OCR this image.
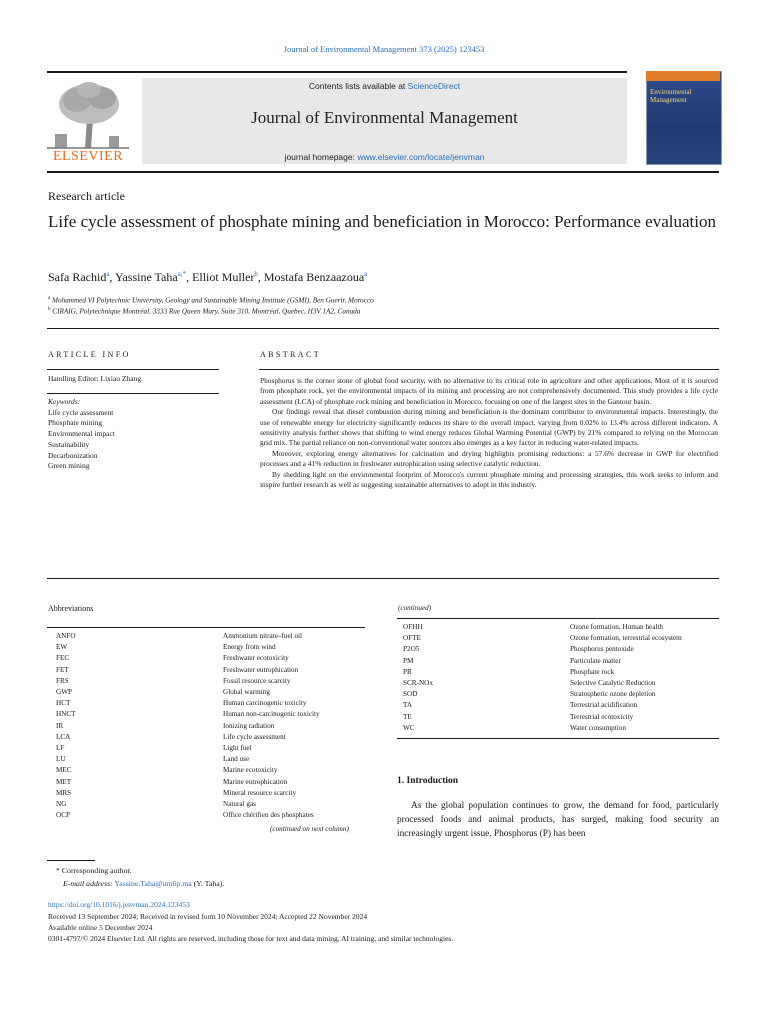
Journal of Environmental Management 373 (2025) 123453
ELSEVIER
Contents lists available at ScienceDirect
Journal of Environmental Management
journal homepage: www.elsevier.com/locate/jenvman
Environmental Management
Research article
Life cycle assessment of phosphate mining and beneficiation in Morocco: Performance evaluation
Safa Rachid$^a$, Yassine Taha$^{a,*}$, Elliot Muller$^b$, Mostafa Benzaazoua$^a$
$^a$ Mohammed VI Polytechnic University, Geology and Sustainable Mining Institute (GSMI), Ben Guerir, Morocco
$^b$ CIRAIG, Polytechnique Montréal, 3333 Rue Queen Mary, Suite 310, Montréal, Quebec, H3V 1A2, Canada
ARTICLE INFO
Handling Editor: Lixiao Zhang
Keywords:
Life cycle assessment
Phosphate mining
Environmental impact
Sustainability
Decarbonization
Green mining
ABSTRACT

Phosphorus is the corner stone of global food security, with no alternative to its critical role in agriculture and other applications. Most of it is sourced from phosphate rock, yet the environmental impacts of its mining and processing are not comprehensively documented. This study provides a life cycle assessment (LCA) of phosphate rock mining and beneficiation in Morocco, focusing on one of the largest sites in the Gantour basin.

Our findings reveal that diesel combustion during mining and beneficiation is the dominant contributor to environmental impacts. Interestingly, the use of renewable energy for electricity significantly reduces its share to the overall impact, varying from 0.02% to 13.4% across different indicators. A sensitivity analysis further shows that shifting to wind energy reduces Global Warming Potential (GWP) by 21% compared to relying on the Moroccan grid mix. The partial reliance on non-conventional water sources also emerges as a key factor in reducing water-related impacts.

Moreover, exploring energy alternatives for calcination and drying highlights promising reductions: a 57.6% decrease in GWP for electrified processes and a 41% reduction in freshwater eutrophication using selective catalytic reduction.

By shedding light on the environmental footprint of Morocco's current phosphate mining and processing strategies, this work seeks to inform and inspire further research as well as suggesting sustainable alternatives to adopt in this industry.

Abbreviations
ANFO	Ammonium nitrate–fuel oil
EW	Energy from wind
FEC	Freshwater ecotoxicity
FET	Freshwater eutrophication
FRS	Fossil resource scarcity
GWP	Global warming
HCT	Human carcinogenic toxicity
HNCT	Human non-carcinogenic toxicity
IR	Ionizing radiation
LCA	Life cycle assessment
LF	Light fuel
LU	Land use
MEC	Marine ecotoxicity
MET	Marine eutrophication
MRS	Mineral resource scarcity
NG	Natural gas
OCP	Office chérifien des phosphates
(continued on next column)
(continued)
OFHH	Ozone formation, Human health
OFTE	Ozone formation, terrestrial ecosystem
P2O5	Phosphorus pentoxide
PM	Particulate matter
PR	Phosphate rock
SCR-NOx	Selective Catalytic Reduction
SOD	Stratospheric ozone depletion
TA	Terrestrial acidification
TE	Terrestrial ecotoxicity
WC	Water consumption
1. Introduction
As the global population continues to grow, the demand for food, particularly processed foods and animal products, has surged, making food security an increasingly urgent issue. Phosphorus (P) has been
* Corresponding author.
E-mail address: Yassine.Taha@um6p.ma (Y. Taha).
https://doi.org/10.1016/j.jenvman.2024.123453
Received 13 September 2024; Received in revised form 10 November 2024; Accepted 22 November 2024
Available online 5 December 2024
0301-4797/© 2024 Elsevier Ltd. All rights are reserved, including those for text and data mining, AI training, and similar technologies.
